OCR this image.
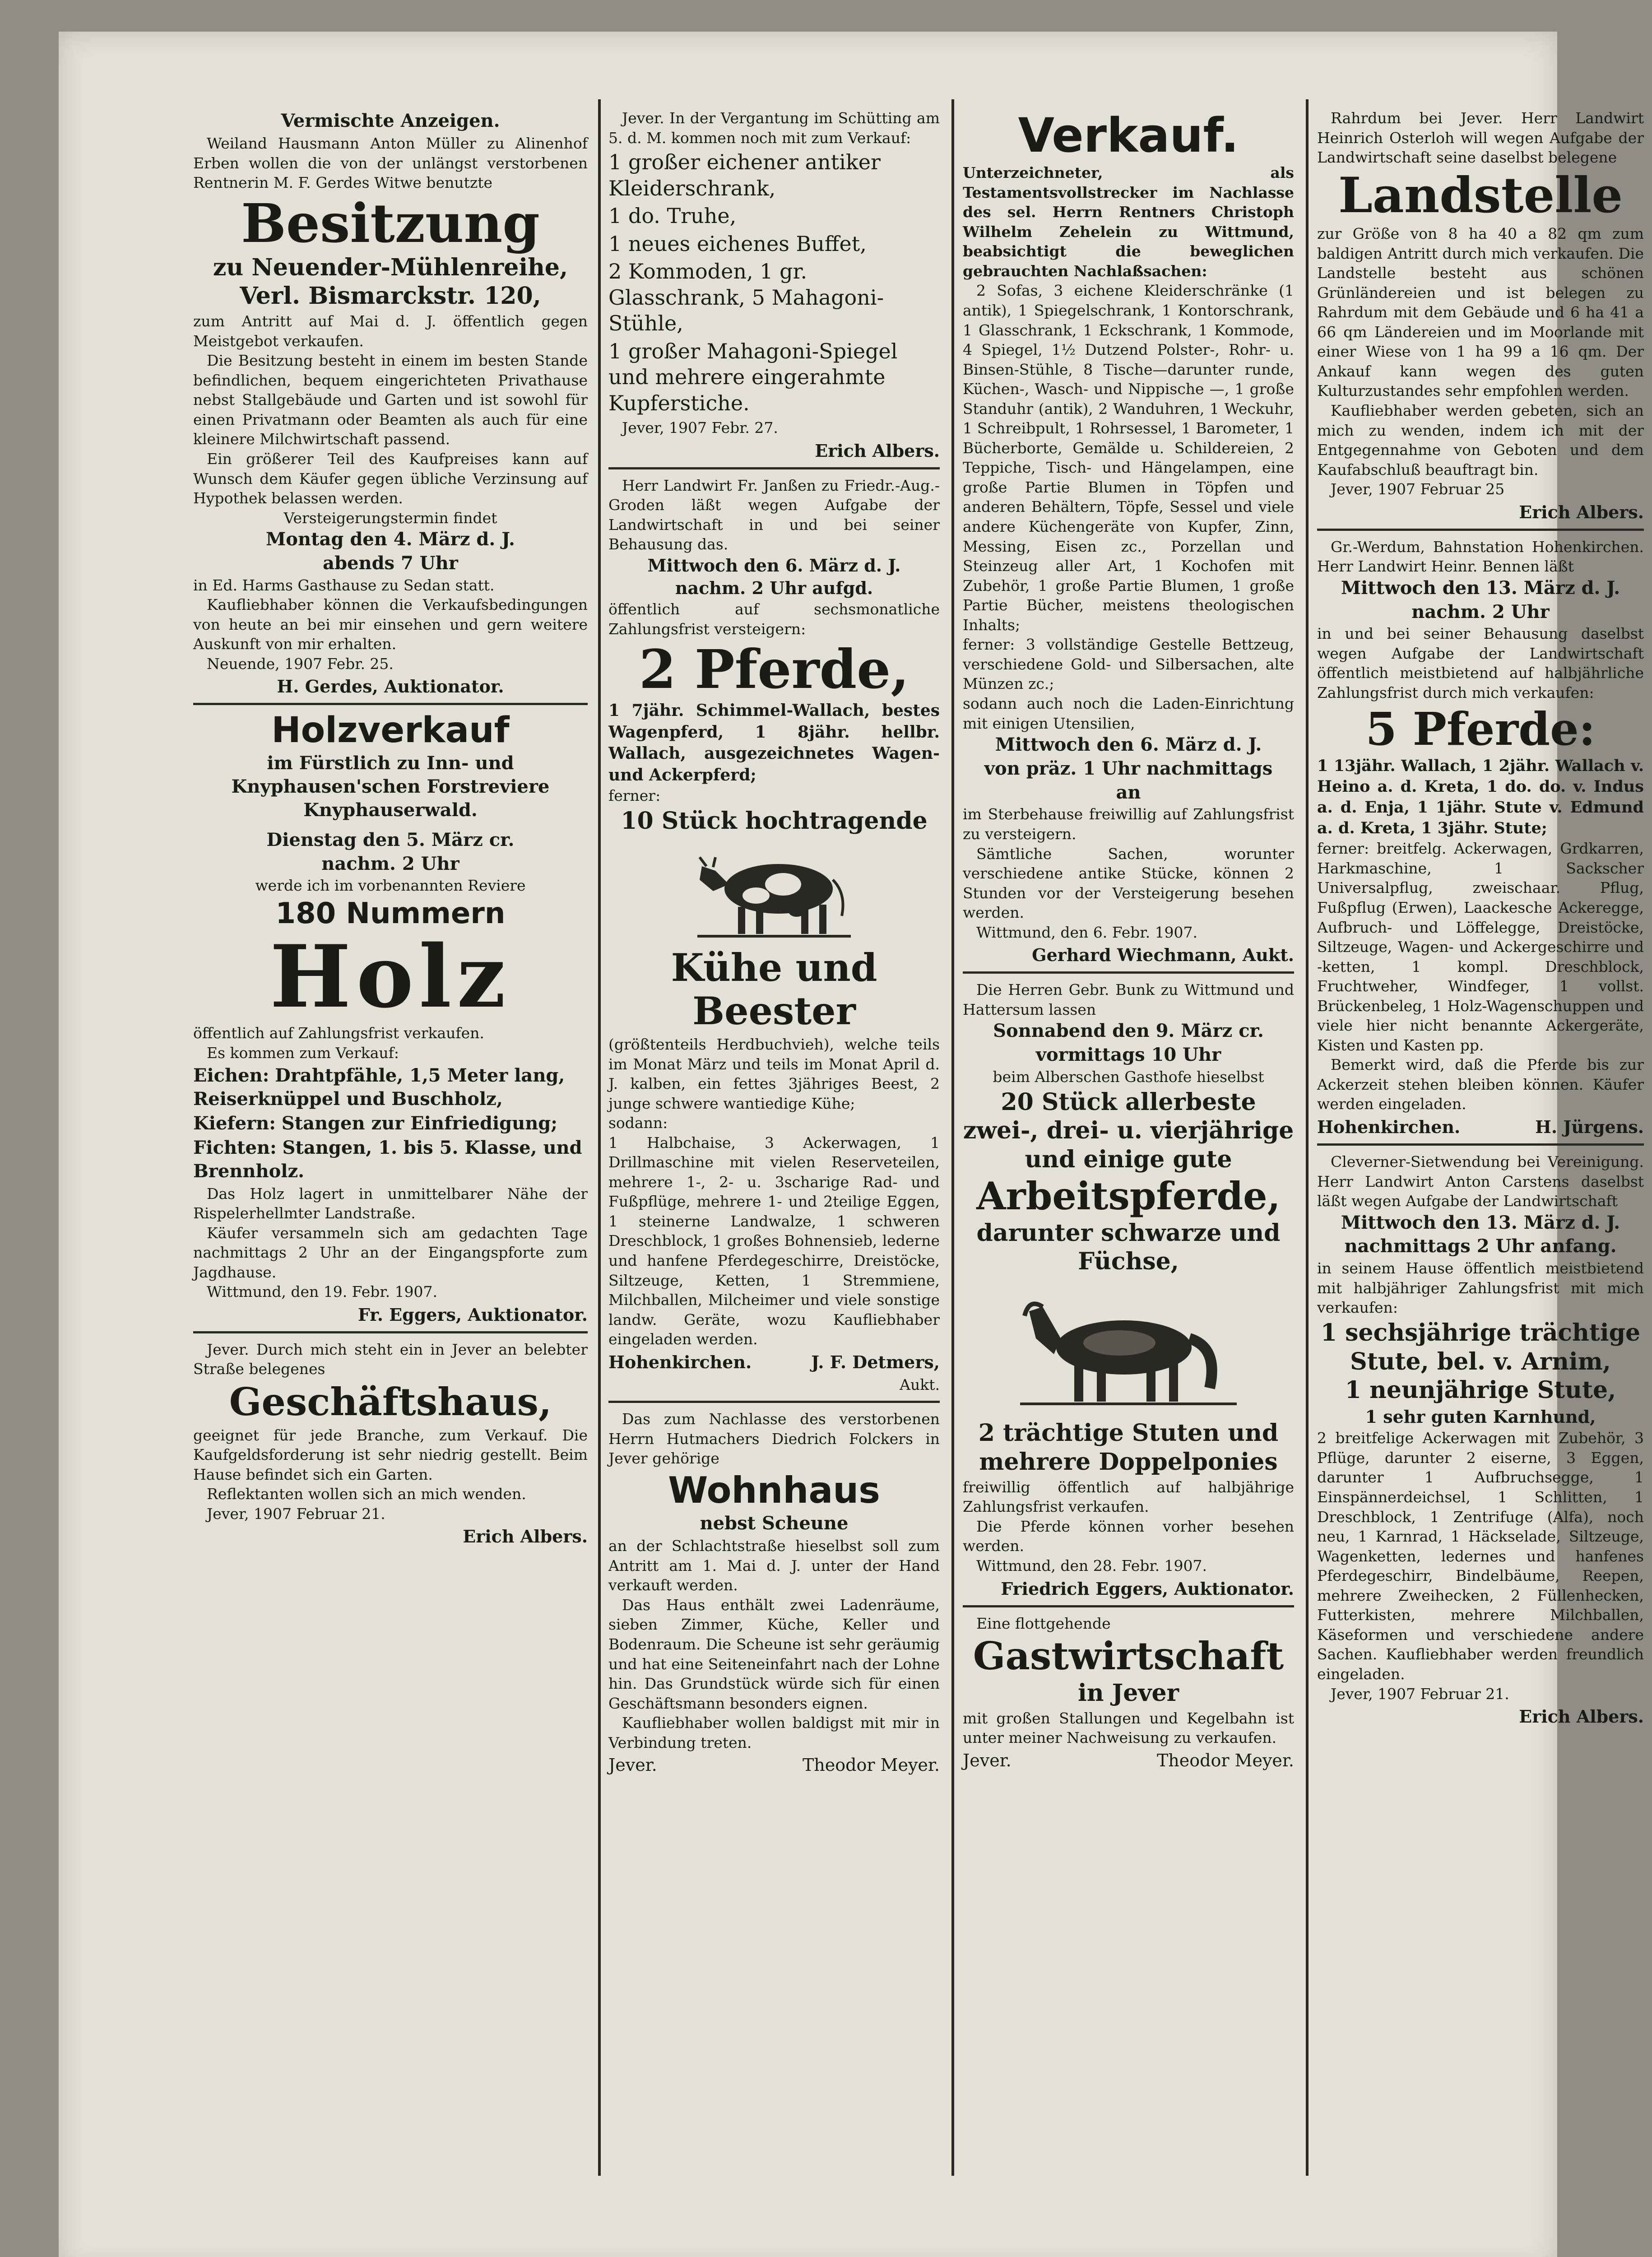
Vermischte Anzeigen.

Weiland Hausmann Anton Müller zu Alinenhof Erben wollen die von der unlängst verstorbenen Rentnerin M. F. Gerdes Witwe benutzte

Besitzung
zu Neuender-Mühlenreihe,
Verl. Bismarckstr. 120,

zum Antritt auf Mai d. J. öffentlich gegen Meistgebot verkaufen.

Die Besitzung besteht in einem im besten Stande befindlichen, bequem eingerichteten Privathause nebst Stallgebäude und Garten und ist sowohl für einen Privatmann oder Beamten als auch für eine kleinere Milchwirtschaft passend.

Ein größerer Teil des Kaufpreises kann auf Wunsch dem Käufer gegen übliche Verzinsung auf Hypothek belassen werden.

Versteigerungstermin findet

Montag den 4. März d. J.

abends 7 Uhr

in Ed. Harms Gasthause zu Sedan statt.

Kaufliebhaber können die Verkaufsbedingungen von heute an bei mir einsehen und gern weitere Auskunft von mir erhalten.

Neuende, 1907 Febr. 25.

H. Gerdes, Auktionator.
Holzverkauf
im Fürstlich zu Inn- und
Knyphausen'schen Forstreviere
Knyphauserwald.

Dienstag den 5. März cr.

nachm. 2 Uhr

werde ich im vorbenannten Reviere

180 Nummern
Holz

öffentlich auf Zahlungsfrist verkaufen.

Es kommen zum Verkauf:

Eichen: Drahtpfähle, 1,5 Meter lang, Reiserknüppel und Buschholz,
Kiefern: Stangen zur Einfriedigung;
Fichten: Stangen, 1. bis 5. Klasse, und Brennholz.

Das Holz lagert in unmittelbarer Nähe der Rispelerhellmter Landstraße.

Käufer versammeln sich am gedachten Tage nachmittags 2 Uhr an der Eingangspforte zum Jagdhause.

Wittmund, den 19. Febr. 1907.

Fr. Eggers, Auktionator.

Jever. Durch mich steht ein in Jever an belebter Straße belegenes

Geschäftshaus,

geeignet für jede Branche, zum Verkauf. Die Kaufgeldsforderung ist sehr niedrig gestellt. Beim Hause befindet sich ein Garten.

Reflektanten wollen sich an mich wenden.

Jever, 1907 Februar 21.

Erich Albers.

Jever. In der Vergantung im Schütting am 5. d. M. kommen noch mit zum Verkauf:

1 großer eichener antiker Kleiderschrank,
1 do. Truhe,
1 neues eichenes Buffet,
2 Kommoden, 1 gr. Glasschrank, 5 Mahagoni-Stühle,
1 großer Mahagoni-Spiegel und mehrere eingerahmte Kupferstiche.

Jever, 1907 Febr. 27.

Erich Albers.

Herr Landwirt Fr. Janßen zu Friedr.-Aug.-Groden läßt wegen Aufgabe der Landwirtschaft in und bei seiner Behausung das.

Mittwoch den 6. März d. J.

nachm. 2 Uhr aufgd.

öffentlich auf sechsmonatliche Zahlungsfrist versteigern:

2 Pferde,

1 7jähr. Schimmel-Wallach, bestes Wagenpferd, 1 8jähr. hellbr. Wallach, ausgezeichnetes Wagen- und Ackerpferd;

ferner:

10 Stück hochtragende
Kühe und
Beester

(größtenteils Herdbuchvieh), welche teils im Monat März und teils im Monat April d. J. kalben, ein fettes 3jähriges Beest, 2 junge schwere wantiedige Kühe;

sodann:

1 Halbchaise, 3 Ackerwagen, 1 Drillmaschine mit vielen Reserveteilen, mehrere 1-, 2- u. 3scharige Rad- und Fußpflüge, mehrere 1- und 2teilige Eggen, 1 steinerne Landwalze, 1 schweren Dreschblock, 1 großes Bohnensieb, lederne und hanfene Pferdegeschirre, Dreistöcke, Siltzeuge, Ketten, 1 Stremmiene, Milchballen, Milcheimer und viele sonstige landw. Geräte, wozu Kaufliebhaber eingeladen werden.

Hohenkirchen.	J. F. Detmers,
Aukt.

Das zum Nachlasse des verstorbenen Herrn Hutmachers Diedrich Folckers in Jever gehörige

Wohnhaus
nebst Scheune

an der Schlachtstraße hieselbst soll zum Antritt am 1. Mai d. J. unter der Hand verkauft werden.

Das Haus enthält zwei Ladenräume, sieben Zimmer, Küche, Keller und Bodenraum. Die Scheune ist sehr geräumig und hat eine Seiteneinfahrt nach der Lohne hin. Das Grundstück würde sich für einen Geschäftsmann besonders eignen.

Kaufliebhaber wollen baldigst mit mir in Verbindung treten.

Jever.	Theodor Meyer.
Verkauf.

Unterzeichneter, als Testamentsvollstrecker im Nachlasse des sel. Herrn Rentners Christoph Wilhelm Zehelein zu Wittmund, beabsichtigt die beweglichen gebrauchten Nachlaßsachen:

2 Sofas, 3 eichene Kleiderschränke (1 antik), 1 Spiegelschrank, 1 Kontorschrank, 1 Glasschrank, 1 Eckschrank, 1 Kommode, 4 Spiegel, 1½ Dutzend Polster-, Rohr- u. Binsen-Stühle, 8 Tische—darunter runde, Küchen-, Wasch- und Nippische —, 1 große Standuhr (antik), 2 Wanduhren, 1 Weckuhr, 1 Schreibpult, 1 Rohrsessel, 1 Barometer, 1 Bücherborte, Gemälde u. Schildereien, 2 Teppiche, Tisch- und Hängelampen, eine große Partie Blumen in Töpfen und anderen Behältern, Töpfe, Sessel und viele andere Küchengeräte von Kupfer, Zinn, Messing, Eisen zc., Porzellan und Steinzeug aller Art, 1 Kochofen mit Zubehör, 1 große Partie Blumen, 1 große Partie Bücher, meistens theologischen Inhalts;

ferner: 3 vollständige Gestelle Bettzeug, verschiedene Gold- und Silbersachen, alte Münzen zc.;

sodann auch noch die Laden-Einrichtung mit einigen Utensilien,

Mittwoch den 6. März d. J.

von präz. 1 Uhr nachmittags

an

im Sterbehause freiwillig auf Zahlungsfrist zu versteigern.

Sämtliche Sachen, worunter verschiedene antike Stücke, können 2 Stunden vor der Versteigerung besehen werden.

Wittmund, den 6. Febr. 1907.

Gerhard Wiechmann, Aukt.

Die Herren Gebr. Bunk zu Wittmund und Hattersum lassen

Sonnabend den 9. März cr.

vormittags 10 Uhr

beim Alberschen Gasthofe hieselbst

20 Stück allerbeste
zwei-, drei- u. vierjährige
und einige gute
Arbeitspferde,
darunter schwarze und
Füchse,
2 trächtige Stuten und
mehrere Doppelponies

freiwillig öffentlich auf halbjährige Zahlungsfrist verkaufen.

Die Pferde können vorher besehen werden.

Wittmund, den 28. Febr. 1907.

Friedrich Eggers, Auktionator.

Eine flottgehende

Gastwirtschaft
in Jever

mit großen Stallungen und Kegelbahn ist unter meiner Nachweisung zu verkaufen.

Jever.	Theodor Meyer.

Rahrdum bei Jever. Herr Landwirt Heinrich Osterloh will wegen Aufgabe der Landwirtschaft seine daselbst belegene

Landstelle

zur Größe von 8 ha 40 a 82 qm zum baldigen Antritt durch mich verkaufen. Die Landstelle besteht aus schönen Grünländereien und ist belegen zu Rahrdum mit dem Gebäude und 6 ha 41 a 66 qm Ländereien und im Moorlande mit einer Wiese von 1 ha 99 a 16 qm. Der Ankauf kann wegen des guten Kulturzustandes sehr empfohlen werden.

Kaufliebhaber werden gebeten, sich an mich zu wenden, indem ich mit der Entgegennahme von Geboten und dem Kaufabschluß beauftragt bin.

Jever, 1907 Februar 25

Erich Albers.

Gr.-Werdum, Bahnstation Hohenkirchen. Herr Landwirt Heinr. Bennen läßt

Mittwoch den 13. März d. J.

nachm. 2 Uhr

in und bei seiner Behausung daselbst wegen Aufgabe der Landwirtschaft öffentlich meistbietend auf halbjährliche Zahlungsfrist durch mich verkaufen:

5 Pferde:

1 13jähr. Wallach, 1 2jähr. Wallach v. Heino a. d. Kreta, 1 do. do. v. Indus a. d. Enja, 1 1jähr. Stute v. Edmund a. d. Kreta, 1 3jähr. Stute;

ferner: breitfelg. Ackerwagen, Grdkarren, Harkmaschine, 1 Sackscher Universalpflug, zweischaar. Pflug, Fußpflug (Erwen), Laackesche Ackeregge, Aufbruch- und Löffelegge, Dreistöcke, Siltzeuge, Wagen- und Ackergeschirre und -ketten, 1 kompl. Dreschblock, Fruchtweher, Windfeger, 1 vollst. Brückenbeleg, 1 Holz-Wagenschuppen und viele hier nicht benannte Ackergeräte, Kisten und Kasten pp.

Bemerkt wird, daß die Pferde bis zur Ackerzeit stehen bleiben können. Käufer werden eingeladen.

Hohenkirchen.	H. Jürgens.

Cleverner-Sietwendung bei Vereinigung. Herr Landwirt Anton Carstens daselbst läßt wegen Aufgabe der Landwirtschaft

Mittwoch den 13. März d. J.

nachmittags 2 Uhr anfang.

in seinem Hause öffentlich meistbietend mit halbjähriger Zahlungsfrist mit mich verkaufen:

1 sechsjährige trächtige
Stute, bel. v. Arnim,
1 neunjährige Stute,

1 sehr guten Karnhund,

2 breitfelige Ackerwagen mit Zubehör, 3 Pflüge, darunter 2 eiserne, 3 Eggen, darunter 1 Aufbruchsegge, 1 Einspännerdeichsel, 1 Schlitten, 1 Dreschblock, 1 Zentrifuge (Alfa), noch neu, 1 Karnrad, 1 Häckselade, Siltzeuge, Wagenketten, ledernes und hanfenes Pferdegeschirr, Bindelbäume, Reepen, mehrere Zweihecken, 2 Füllenhecken, Futterkisten, mehrere Milchballen, Käseformen und verschiedene andere Sachen. Kaufliebhaber werden freundlich eingeladen.

Jever, 1907 Februar 21.

Erich Albers.
